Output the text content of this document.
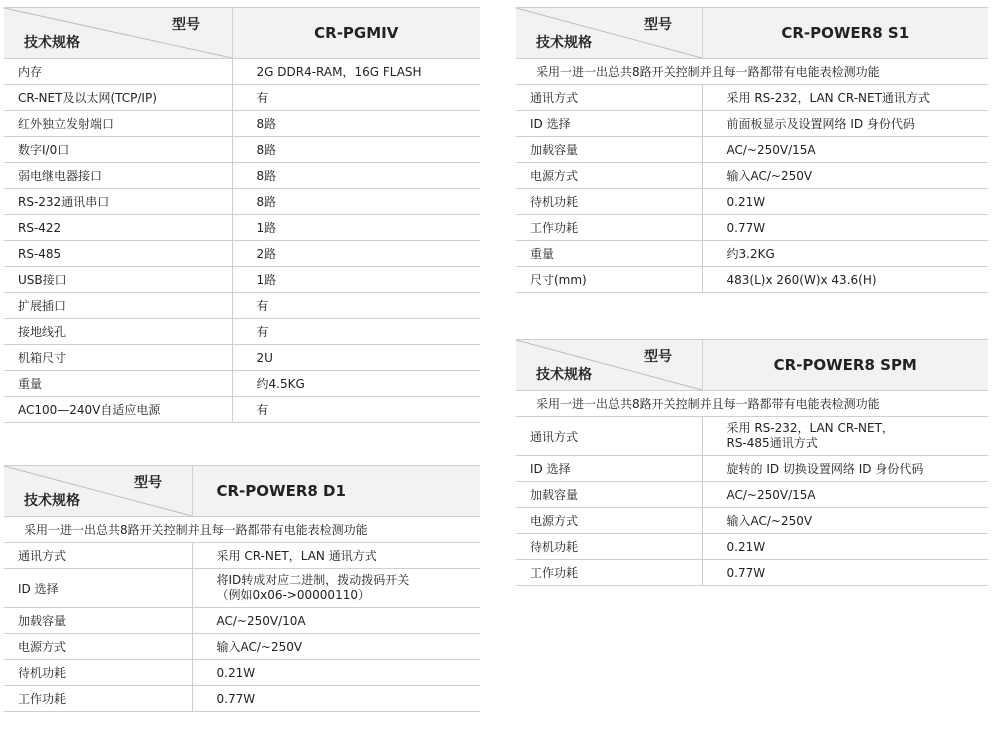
型号
技术规格	CR-PGMIV
内存	2G DDR4-RAM，16G FLASH
CR-NET及以太网(TCP/IP)	有
红外独立发射端口	8路
数字I/0口	8路
弱电继电器接口	8路
RS-232通讯串口	8路
RS-422	1路
RS-485	2路
USB接口	1路
扩展插口	有
接地线孔	有
机箱尺寸	2U
重量	约4.5KG
AC100—240V自适应电源	有
型号
技术规格	CR-POWER8 D1
采用一进一出总共8路开关控制并且每一路都带有电能表检测功能	
通讯方式	采用 CR-NET，LAN 通讯方式
ID 选择	将ID转成对应二进制，拨动拨码开关
（例如0x06->00000110）
加载容量	AC/~250V/10A
电源方式	输入AC/~250V
待机功耗	0.21W
工作功耗	0.77W
型号
技术规格	CR-POWER8 S1
采用一进一出总共8路开关控制并且每一路都带有电能表检测功能	
通讯方式	采用 RS-232，LAN CR-NET通讯方式
ID 选择	前面板显示及设置网络 ID 身份代码
加载容量	AC/~250V/15A
电源方式	输入AC/~250V
待机功耗	0.21W
工作功耗	0.77W
重量	约3.2KG
尺寸(mm)	483(L)x 260(W)x 43.6(H)
型号
技术规格	CR-POWER8 SPM
采用一进一出总共8路开关控制并且每一路都带有电能表检测功能	
通讯方式	采用 RS-232，LAN CR-NET，
RS-485通讯方式
ID 选择	旋转的 ID 切换设置网络 ID 身份代码
加载容量	AC/~250V/15A
电源方式	输入AC/~250V
待机功耗	0.21W
工作功耗	0.77W
